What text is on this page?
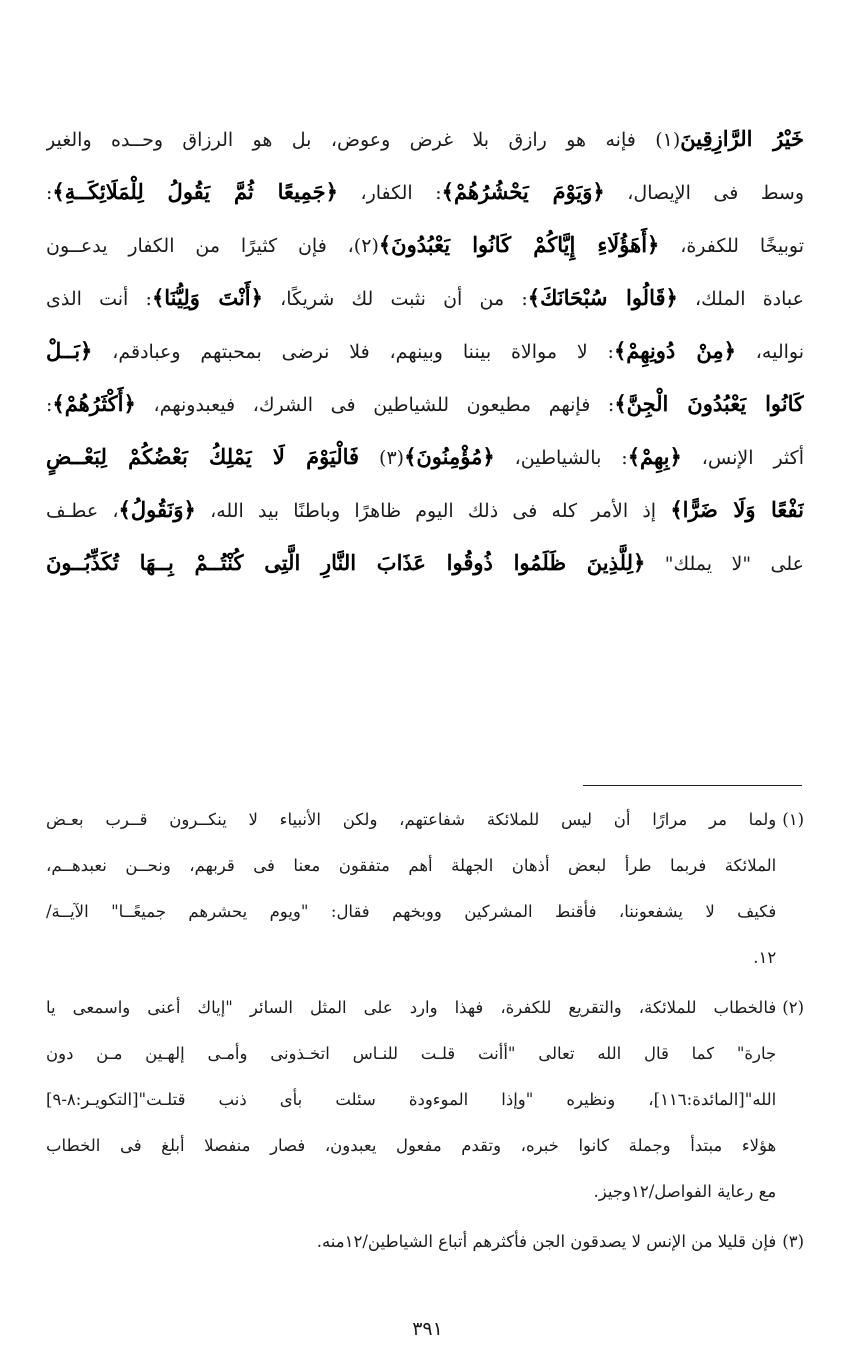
خَيْرُ الرَّازِقِينَ(١) فإنه هو رازق بلا غرض وعوض، بل هو الرزاق وحــده والغير
وسط فى الإيصال، ﴿وَيَوْمَ يَحْشُرُهُمْ﴾: الكفار، ﴿جَمِيعًا ثُمَّ يَقُولُ لِلْمَلَائِكَــةِ﴾:
توبيخًا للكفرة، ﴿أَهَؤُلَاءِ إِيَّاكُمْ كَانُوا يَعْبُدُونَ﴾(٢)، فإن كثيرًا من الكفار يدعــون
عبادة الملك، ﴿قَالُوا سُبْحَانَكَ﴾: من أن نثبت لك شريكًا، ﴿أَنْتَ وَلِيُّنَا﴾: أنت الذى
نواليه، ﴿مِنْ دُونِهِمْ﴾: لا موالاة بيننا وبينهم، فلا نرضى بمحبتهم وعبادقم، ﴿بَــلْ
كَانُوا يَعْبُدُونَ الْجِنَّ﴾: فإنهم مطيعون للشياطين فى الشرك، فيعبدونهم، ﴿أَكْثَرُهُمْ﴾:
أكثر الإنس، ﴿بِهِمْ﴾: بالشياطين، ﴿مُؤْمِنُونَ﴾(٣) فَالْيَوْمَ لَا يَمْلِكُ بَعْضُكُمْ لِبَعْــضٍ
نَفْعًا وَلَا ضَرًّا﴾ إذ الأمر كله فى ذلك اليوم ظاهرًا وباطنًا بيد الله، ﴿وَنَقُولُ﴾، عطـف
على "لا يملك" ﴿لِلَّذِينَ ظَلَمُوا ذُوقُوا عَذَابَ النَّارِ الَّتِى كُنْتُــمْ بِــهَا تُكَذِّبُــونَ
(١)ولما مر مرارًا أن ليس للملائكة شفاعتهم، ولكن الأنبياء لا ينكــرون قــرب بعـض
الملائكة فربما طرأ لبعض أذهان الجهلة أهم متفقون معنا فى قربهم، ونحــن نعبدهــم،
فكيف لا يشفعوننا، فأقنط المشركين ووبخهم فقال: "ويوم يحشرهم جميعًــا" الآيــة/
١٢.
(٢)فالخطاب للملائكة، والتقريع للكفرة، فهذا وارد على المثل السائر "إياك أعنى واسمعى يا
جارة" كما قال الله تعالى "أأنت قلـت للنـاس اتخـذونى وأمـى إلهـين مـن دون
الله"[المائدة:١١٦]، ونظيره "وإذا الموءودة سئلت بأى ذنب قتلـت"[التكويـر:٨-٩]
هؤلاء مبتدأ وجملة كانوا خبره، وتقدم مفعول يعبدون، فصار منفصلا أبلغ فى الخطاب
مع رعاية الفواصل/١٢وجيز.
(٣)فإن قليلا من الإنس لا يصدقون الجن فأكثرهم أتباع الشياطين/١٢منه.
٣٩١
